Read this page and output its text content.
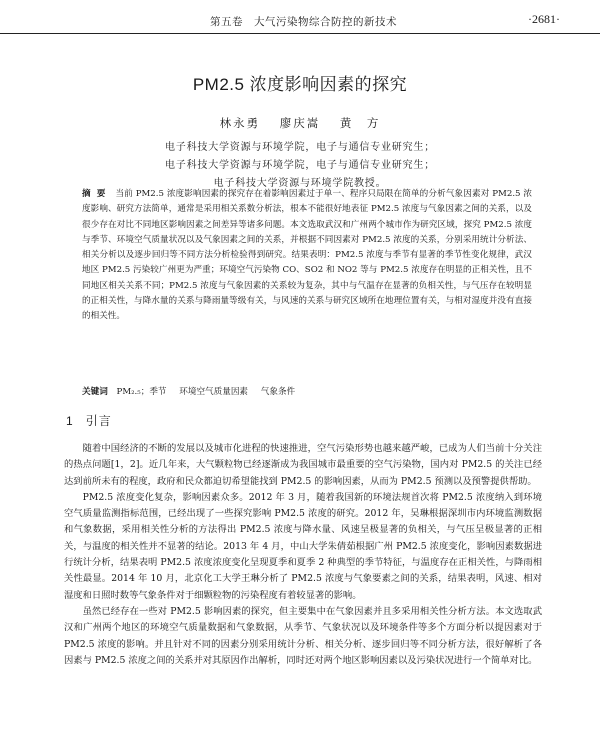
第五卷　大气污染物综合防控的新技术	·2681·
PM2.5 浓度影响因素的探究
林永勇 廖庆嵩 黄　方
电子科技大学资源与环境学院，电子与通信专业研究生；
电子科技大学资源与环境学院，电子与通信专业研究生；
电子科技大学资源与环境学院教授。
摘要 当前 PM2.5 浓度影响因素的探究存在着影响因素过于单一、程序只局限在简单的分析气象因素对 PM2.5 浓度影响、研究方法简单，通常是采用相关系数分析法，根本不能很好地表征 PM2.5 浓度与气象因素之间的关系，以及很少存在对比不同地区影响因素之间差异等诸多问题。本文选取武汉和广州两个城市作为研究区域，探究 PM2.5 浓度与季节、环境空气质量状况以及气象因素之间的关系，并根据不同因素对 PM2.5 浓度的关系，分别采用统计分析法、相关分析以及逐步回归等不同方法分析检验得到研究。结果表明：PM2.5 浓度与季节有显著的季节性变化规律，武汉地区 PM2.5 污染较广州更为严重；环境空气污染物 CO、SO2 和 NO2 等与 PM2.5 浓度存在明显的正相关性，且不同地区相关关系不同；PM2.5 浓度与气象因素的关系较为复杂，其中与气温存在显著的负相关性，与气压存在较明显的正相关性，与降水量的关系与降雨量等级有关，与风速的关系与研究区域所在地理位置有关，与相对湿度并没有直接的相关性。
关键词 PM₂.₅；季节 环境空气质量因素 气象条件
1 引言

随着中国经济的不断的发展以及城市化进程的快速推进，空气污染形势也越来越严峻，已成为人们当前十分关注的热点问题[1，2]。近几年来，大气颗粒物已经逐渐成为我国城市最重要的空气污染物，国内对 PM2.5 的关注已经达到前所未有的程度，政府和民众都迫切希望能找到 PM2.5 的影响因素，从而为 PM2.5 预测以及预警提供帮助。

PM2.5 浓度变化复杂，影响因素众多。2012 年 3 月，随着我国新的环境法规首次将 PM2.5 浓度纳入到环境空气质量监测指标范围，已经出现了一些探究影响 PM2.5 浓度的研究。2012 年，吴琳根据深圳市内环境监测数据和气象数据，采用相关性分析的方法得出 PM2.5 浓度与降水量、风速呈极显著的负相关，与气压呈极显著的正相关，与温度的相关性并不显著的结论。2013 年 4 月，中山大学朱倩茹根据广州 PM2.5 浓度变化，影响因素数据进行统计分析，结果表明 PM2.5 浓度浓度变化呈现夏季和夏季 2 种典型的季节特征，与温度存在正相关性，与降雨相关性最显。2014 年 10 月，北京化工大学王琳分析了 PM2.5 浓度与气象要素之间的关系，结果表明，风速、相对湿度和日照时数等气象条件对于细颗粒物的污染程度有着较显著的影响。

虽然已经存在一些对 PM2.5 影响因素的探究，但主要集中在气象因素并且多采用相关性分析方法。本文选取武汉和广州两个地区的环境空气质量数据和气象数据，从季节、气象状况以及环境条件等多个方面分析以提因素对于 PM2.5 浓度的影响。并且针对不同的因素分别采用统计分析、相关分析、逐步回归等不同分析方法，很好解析了各因素与 PM2.5 浓度之间的关系并对其原因作出解析，同时还对两个地区影响因素以及污染状况进行一个简单对比。
